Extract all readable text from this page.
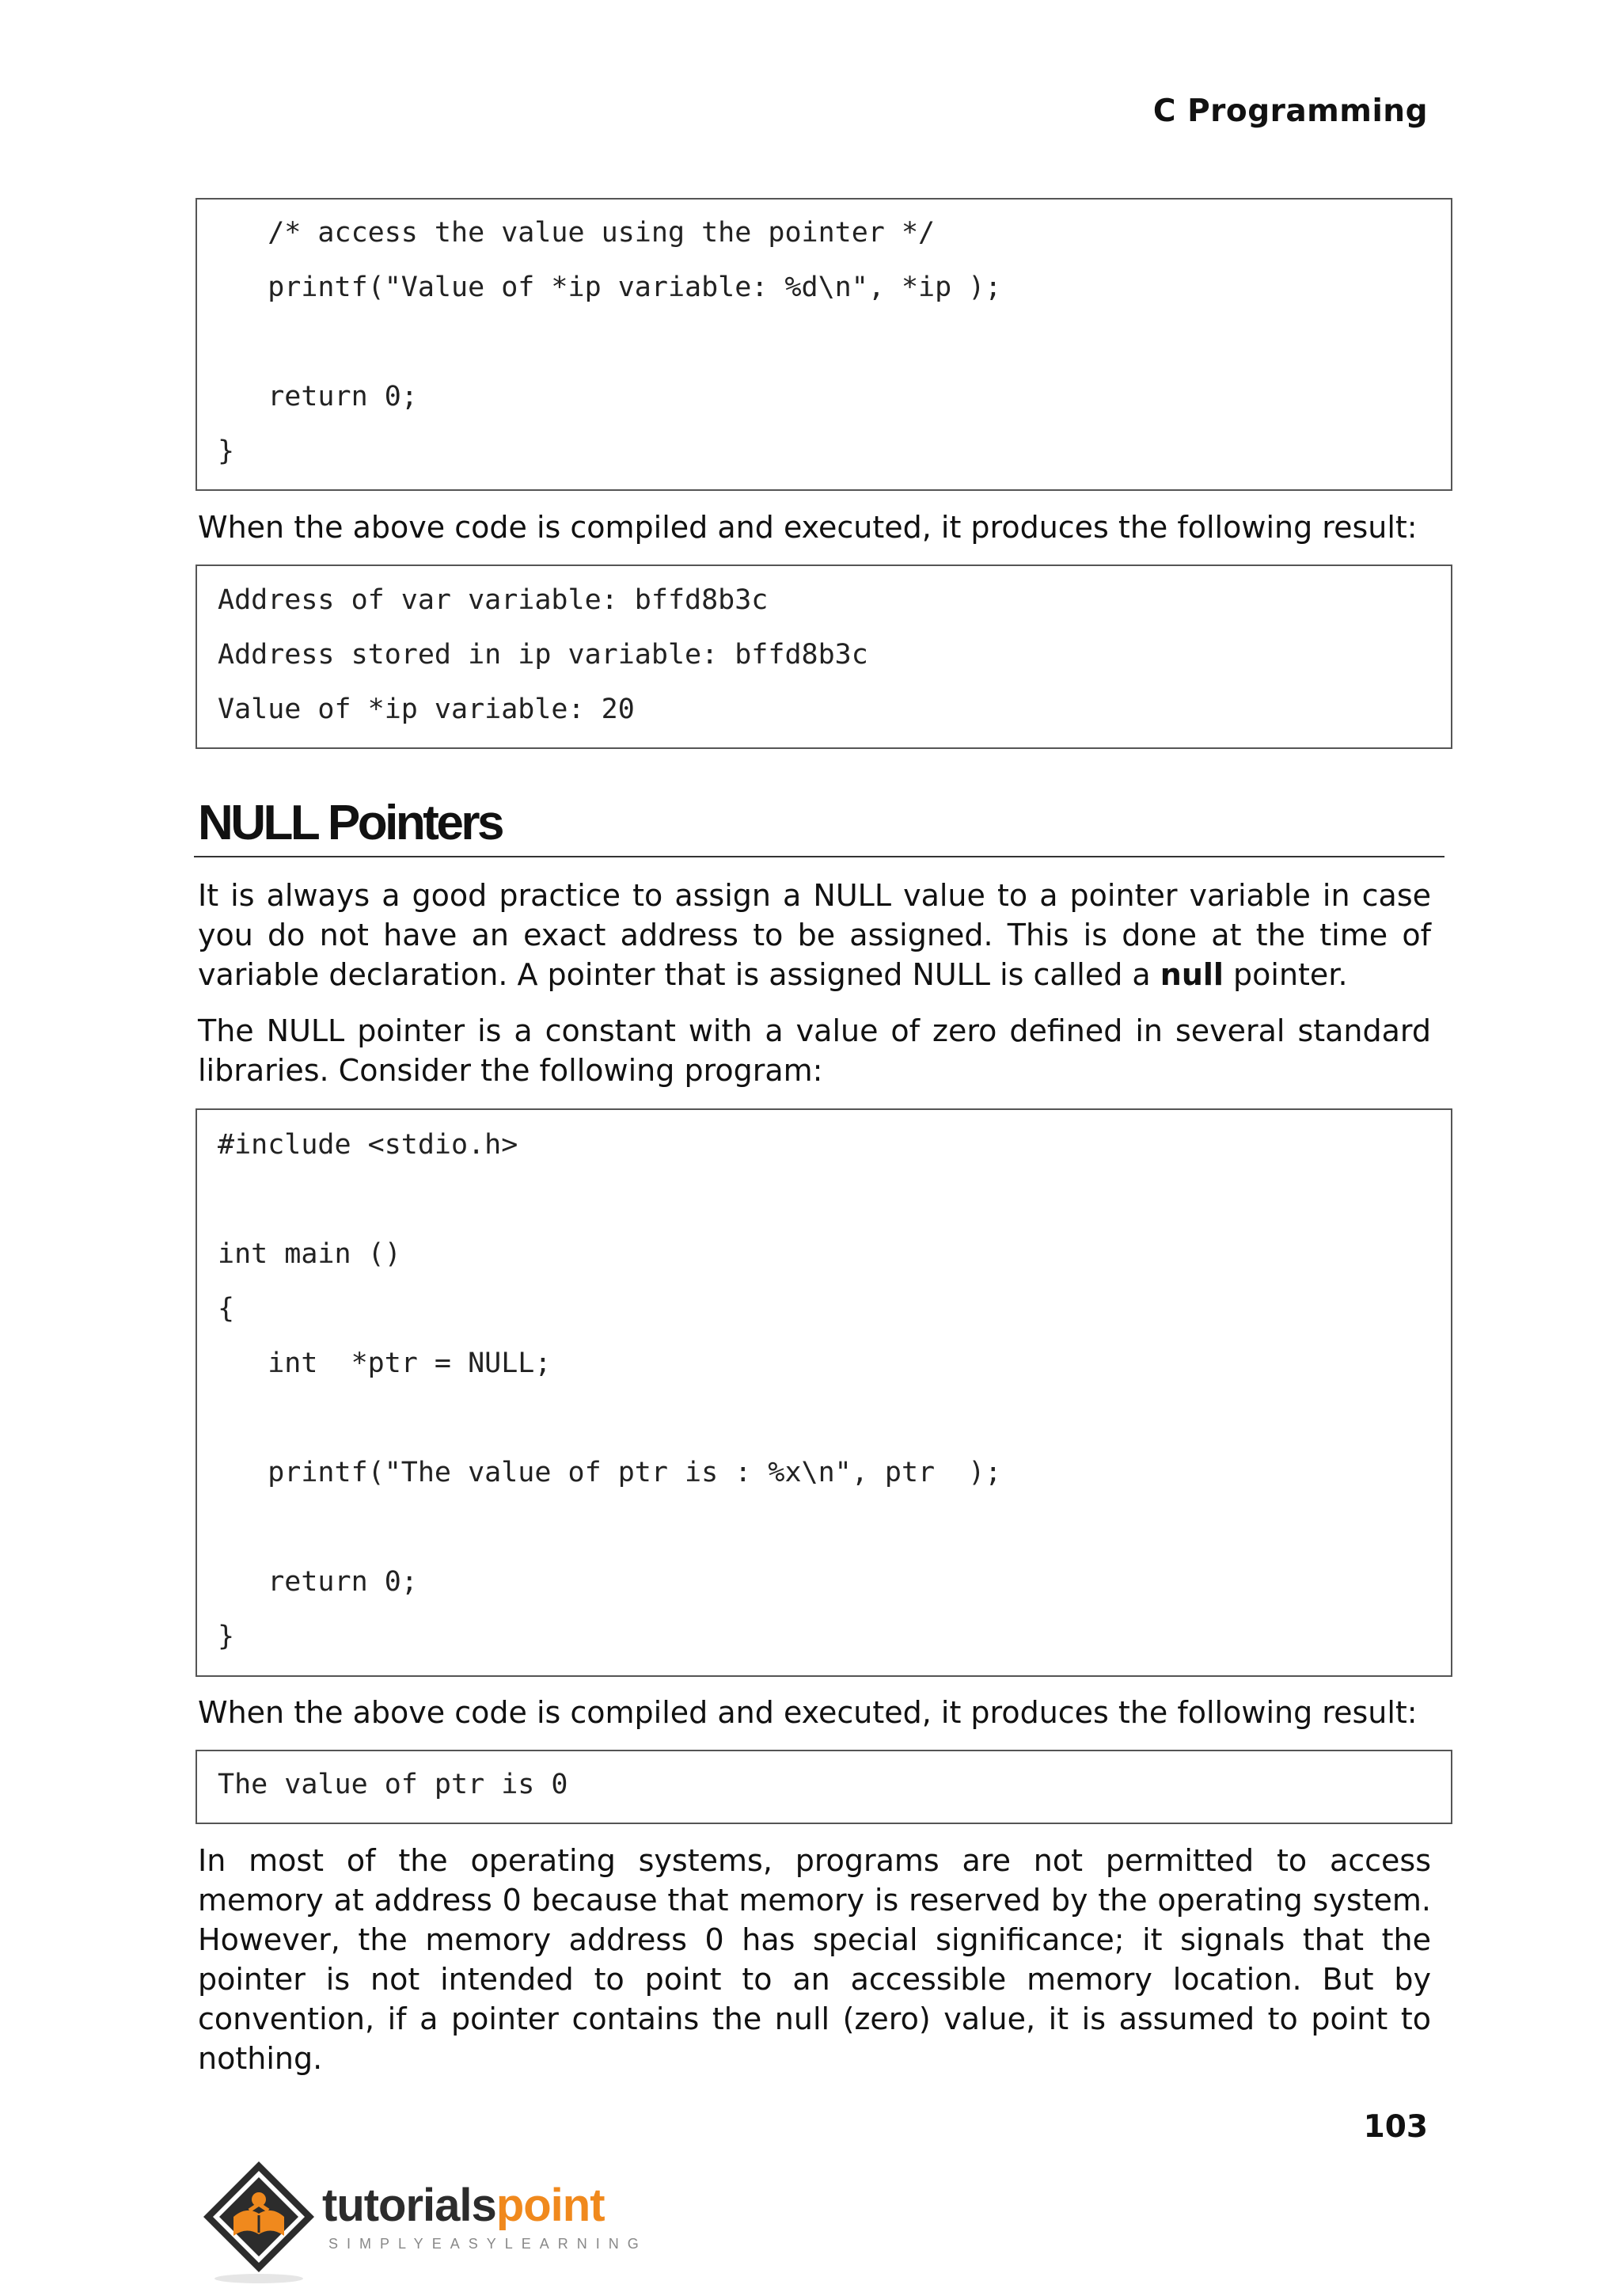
C Programming
/* access the value using the pointer */
printf("Value of *ip variable: %d\n", *ip );
return 0;
}
When the above code is compiled and executed, it produces the following result:
Address of var variable: bffd8b3c
Address stored in ip variable: bffd8b3c
Value of *ip variable: 20
NULL Pointers
It is always a good practice to assign a NULL value to a pointer variable in case
you do not have an exact address to be assigned. This is done at the time of
variable declaration. A pointer that is assigned NULL is called a null pointer.
The NULL pointer is a constant with a value of zero defined in several standard
libraries. Consider the following program:
#include <stdio.h>
int main ()
{
int  *ptr = NULL;
printf("The value of ptr is : %x\n", ptr  );
return 0;
}
When the above code is compiled and executed, it produces the following result:
The value of ptr is 0
In most of the operating systems, programs are not permitted to access
memory at address 0 because that memory is reserved by the operating system.
However, the memory address 0 has special significance; it signals that the
pointer is not intended to point to an accessible memory location. But by
convention, if a pointer contains the null (zero) value, it is assumed to point to
nothing.
103
tutorialspoint
SIMPLYEASYLEARNING
